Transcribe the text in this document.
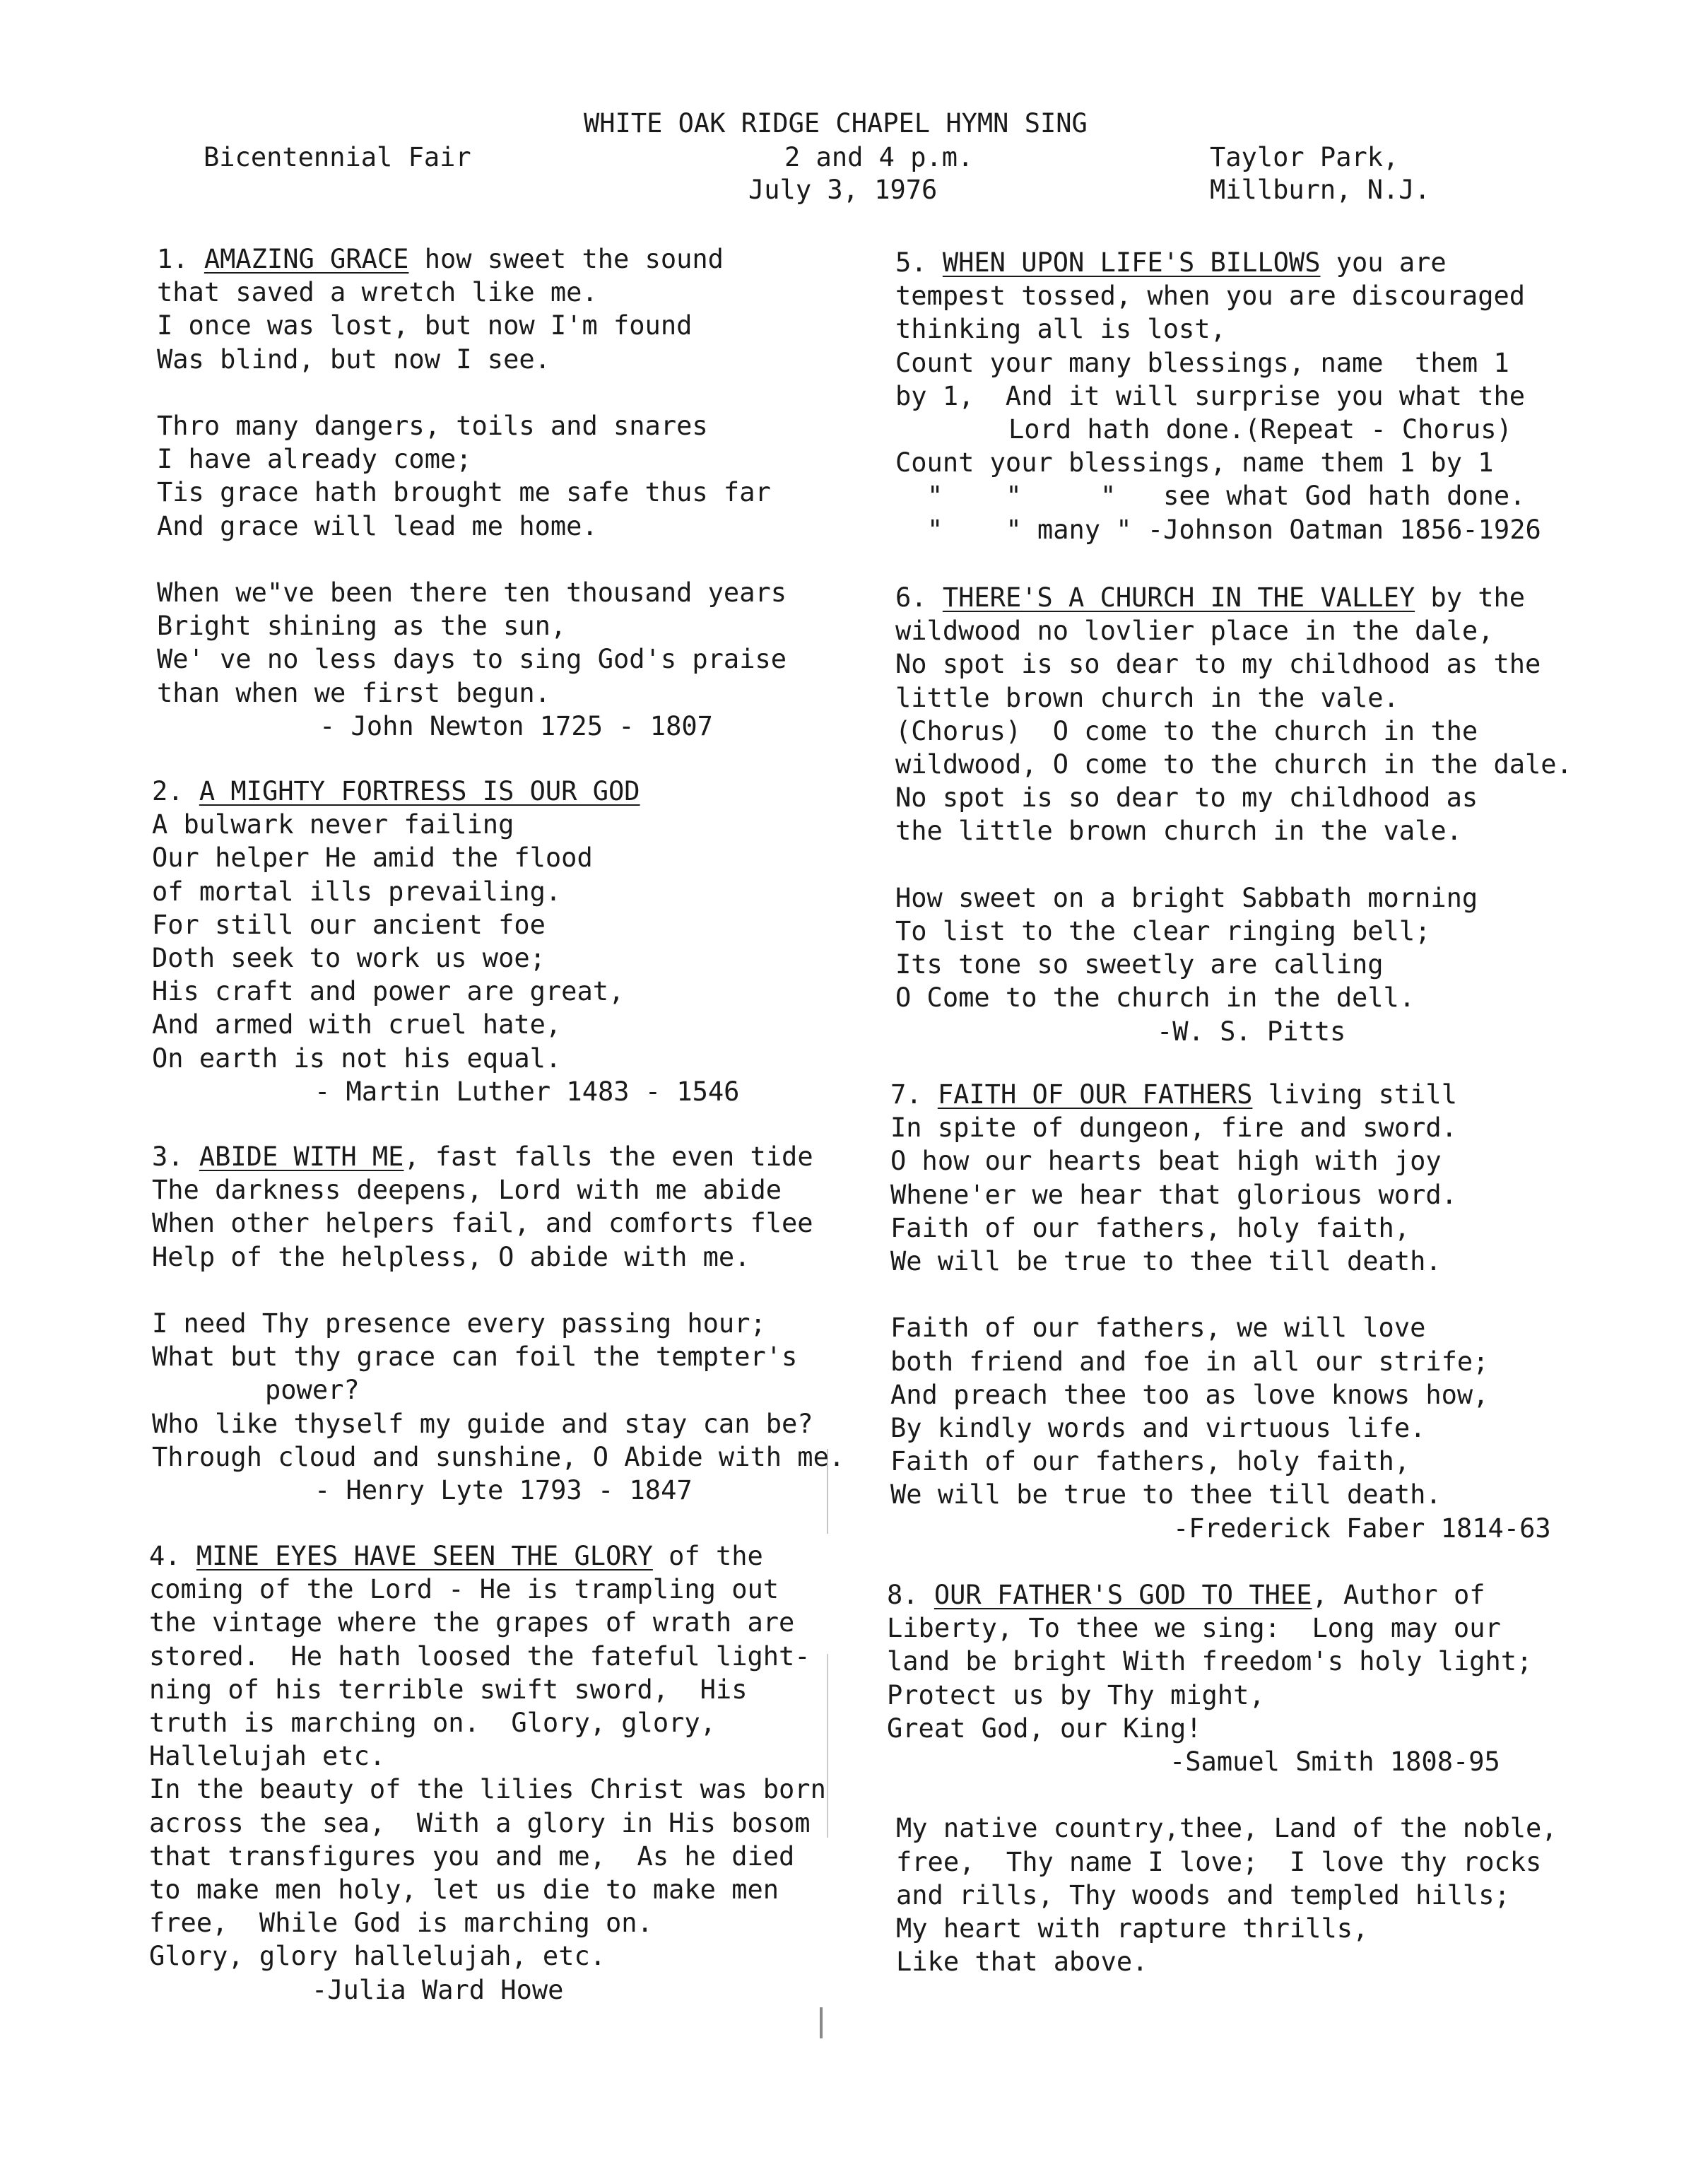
WHITE OAK RIDGE CHAPEL HYMN SING
Bicentennial Fair	2 and 4 p.m.
July 3, 1976
Taylor Park,
Millburn, N.J.
1. AMAZING GRACE how sweet the sound
that saved a wretch like me.
I once was lost, but now I'm found
Was blind, but now I see.

Thro many dangers, toils and snares
I have already come;
Tis grace hath brought me safe thus far
And grace will lead me home.

When we"ve been there ten thousand years
Bright shining as the sun,
We' ve no less days to sing God's praise
than when we first begun.
- John Newton 1725 - 1807
2. A MIGHTY FORTRESS IS OUR GOD
A bulwark never failing
Our helper He amid the flood
of mortal ills prevailing.
For still our ancient foe
Doth seek to work us woe;
His craft and power are great,
And armed with cruel hate,
On earth is not his equal.
- Martin Luther 1483 - 1546
3. ABIDE WITH ME, fast falls the even tide
The darkness deepens, Lord with me abide
When other helpers fail, and comforts flee
Help of the helpless, O abide with me.

I need Thy presence every passing hour;
What but thy grace can foil the tempter's
power?
Who like thyself my guide and stay can be?
Through cloud and sunshine, O Abide with me.
- Henry Lyte 1793 - 1847
4. MINE EYES HAVE SEEN THE GLORY of the
coming of the Lord - He is trampling out
the vintage where the grapes of wrath are
stored.  He hath loosed the fateful light-
ning of his terrible swift sword,  His
truth is marching on.  Glory, glory,
Hallelujah etc.
In the beauty of the lilies Christ was born
across the sea,  With a glory in His bosom
that transfigures you and me,  As he died
to make men holy, let us die to make men
free,  While God is marching on.
Glory, glory hallelujah, etc.
-Julia Ward Howe
5. WHEN UPON LIFE'S BILLOWS you are
tempest tossed, when you are discouraged
thinking all is lost,
Count your many blessings, name  them 1
by 1,  And it will surprise you what the
Lord hath done.(Repeat - Chorus)
Count your blessings, name them 1 by 1
"    "     "   see what God hath done.
"    " many " -Johnson Oatman 1856-1926
6. THERE'S A CHURCH IN THE VALLEY by the
wildwood no lovlier place in the dale,
No spot is so dear to my childhood as the
little brown church in the vale.
(Chorus)  O come to the church in the
wildwood, O come to the church in the dale.
No spot is so dear to my childhood as
the little brown church in the vale.

How sweet on a bright Sabbath morning
To list to the clear ringing bell;
Its tone so sweetly are calling
O Come to the church in the dell.
-W. S. Pitts
7. FAITH OF OUR FATHERS living still
In spite of dungeon, fire and sword.
O how our hearts beat high with joy
Whene'er we hear that glorious word.
Faith of our fathers, holy faith,
We will be true to thee till death.

Faith of our fathers, we will love
both friend and foe in all our strife;
And preach thee too as love knows how,
By kindly words and virtuous life.
Faith of our fathers, holy faith,
We will be true to thee till death.
-Frederick Faber 1814-63
8. OUR FATHER'S GOD TO THEE, Author of
Liberty, To thee we sing:  Long may our
land be bright With freedom's holy light;
Protect us by Thy might,
Great God, our King!
-Samuel Smith 1808-95

My native country,thee, Land of the noble,
free,  Thy name I love;  I love thy rocks
and rills, Thy woods and templed hills;
My heart with rapture thrills,
Like that above.
